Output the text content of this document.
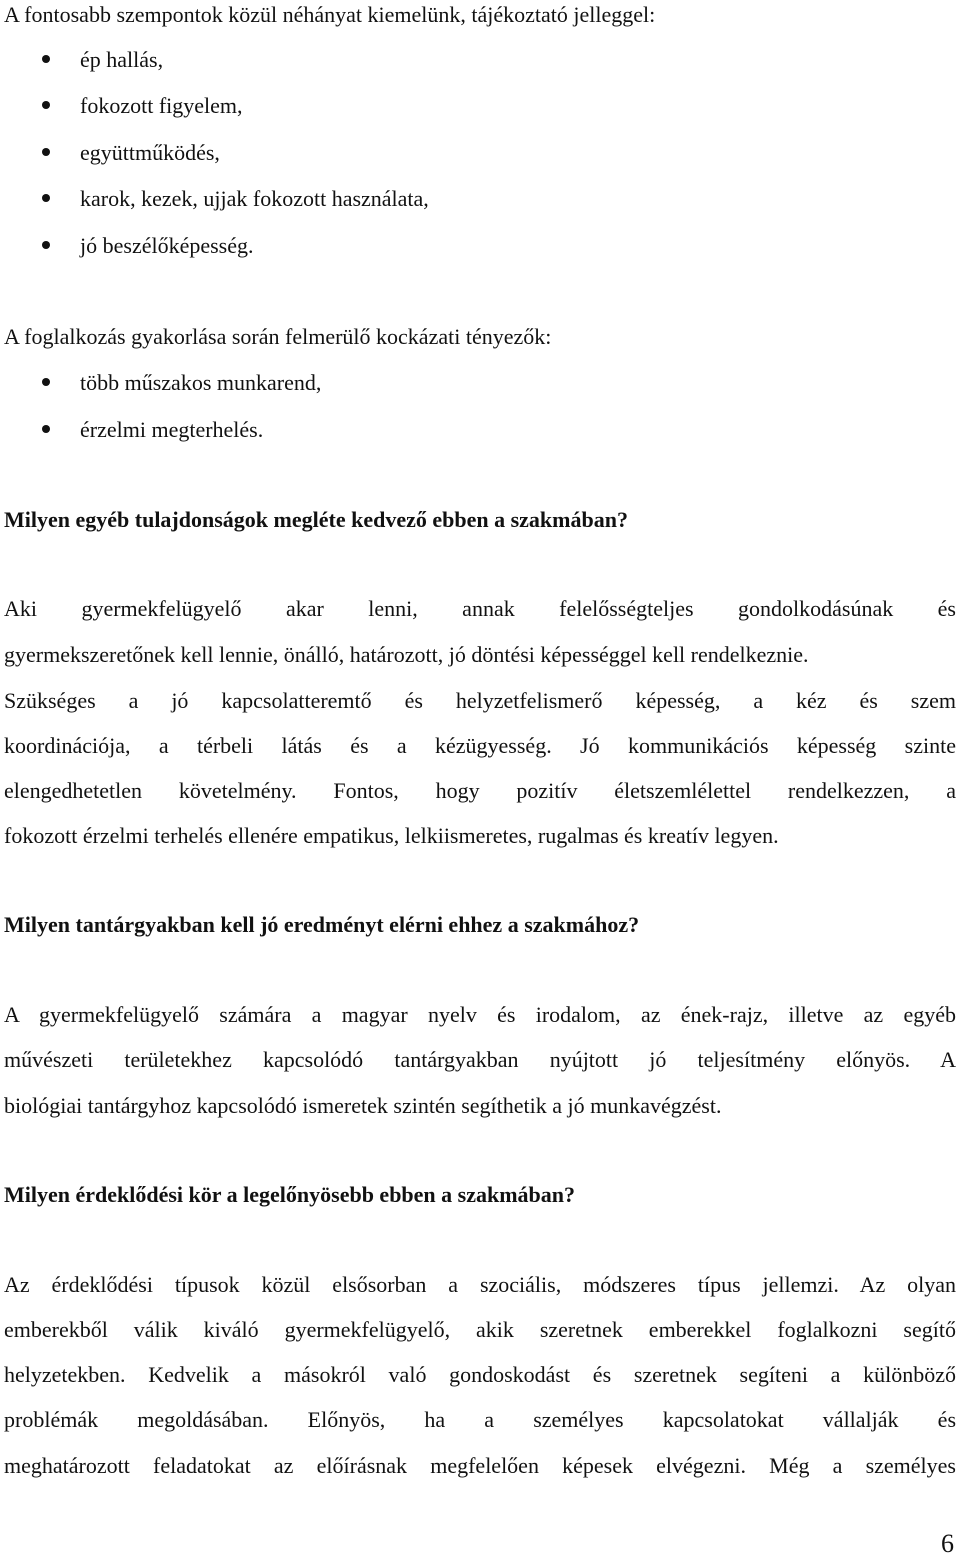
A fontosabb szempontok közül néhányat kiemelünk, tájékoztató jelleggel:

ép hallás,
fokozott figyelem,
együttműködés,
karok, kezek, ujjak fokozott használata,
jó beszélőképesség.

A foglalkozás gyakorlása során felmerülő kockázati tényezők:

több műszakos munkarend,
érzelmi megterhelés.

Milyen egyéb tulajdonságok megléte kedvező ebben a szakmában?

Aki gyermekfelügyelő akar lenni, annak felelősségteljes gondolkodásúnak és

gyermekszeretőnek kell lennie, önálló, határozott, jó döntési képességgel kell rendelkeznie.

Szükséges a jó kapcsolatteremtő és helyzetfelismerő képesség, a kéz és szem

koordinációja, a térbeli látás és a kézügyesség. Jó kommunikációs képesség szinte

elengedhetetlen követelmény. Fontos, hogy pozitív életszemlélettel rendelkezzen, a

fokozott érzelmi terhelés ellenére empatikus, lelkiismeretes, rugalmas és kreatív legyen.

Milyen tantárgyakban kell jó eredményt elérni ehhez a szakmához?

A gyermekfelügyelő számára a magyar nyelv és irodalom, az ének-rajz, illetve az egyéb

művészeti területekhez kapcsolódó tantárgyakban nyújtott jó teljesítmény előnyös. A

biológiai tantárgyhoz kapcsolódó ismeretek szintén segíthetik a jó munkavégzést.

Milyen érdeklődési kör a legelőnyösebb ebben a szakmában?

Az érdeklődési típusok közül elsősorban a szociális, módszeres típus jellemzi. Az olyan

emberekből válik kiváló gyermekfelügyelő, akik szeretnek emberekkel foglalkozni segítő

helyzetekben. Kedvelik a másokról való gondoskodást és szeretnek segíteni a különböző

problémák megoldásában. Előnyös, ha a személyes kapcsolatokat vállalják és

meghatározott feladatokat az előírásnak megfelelően képesek elvégezni. Még a személyes

6
